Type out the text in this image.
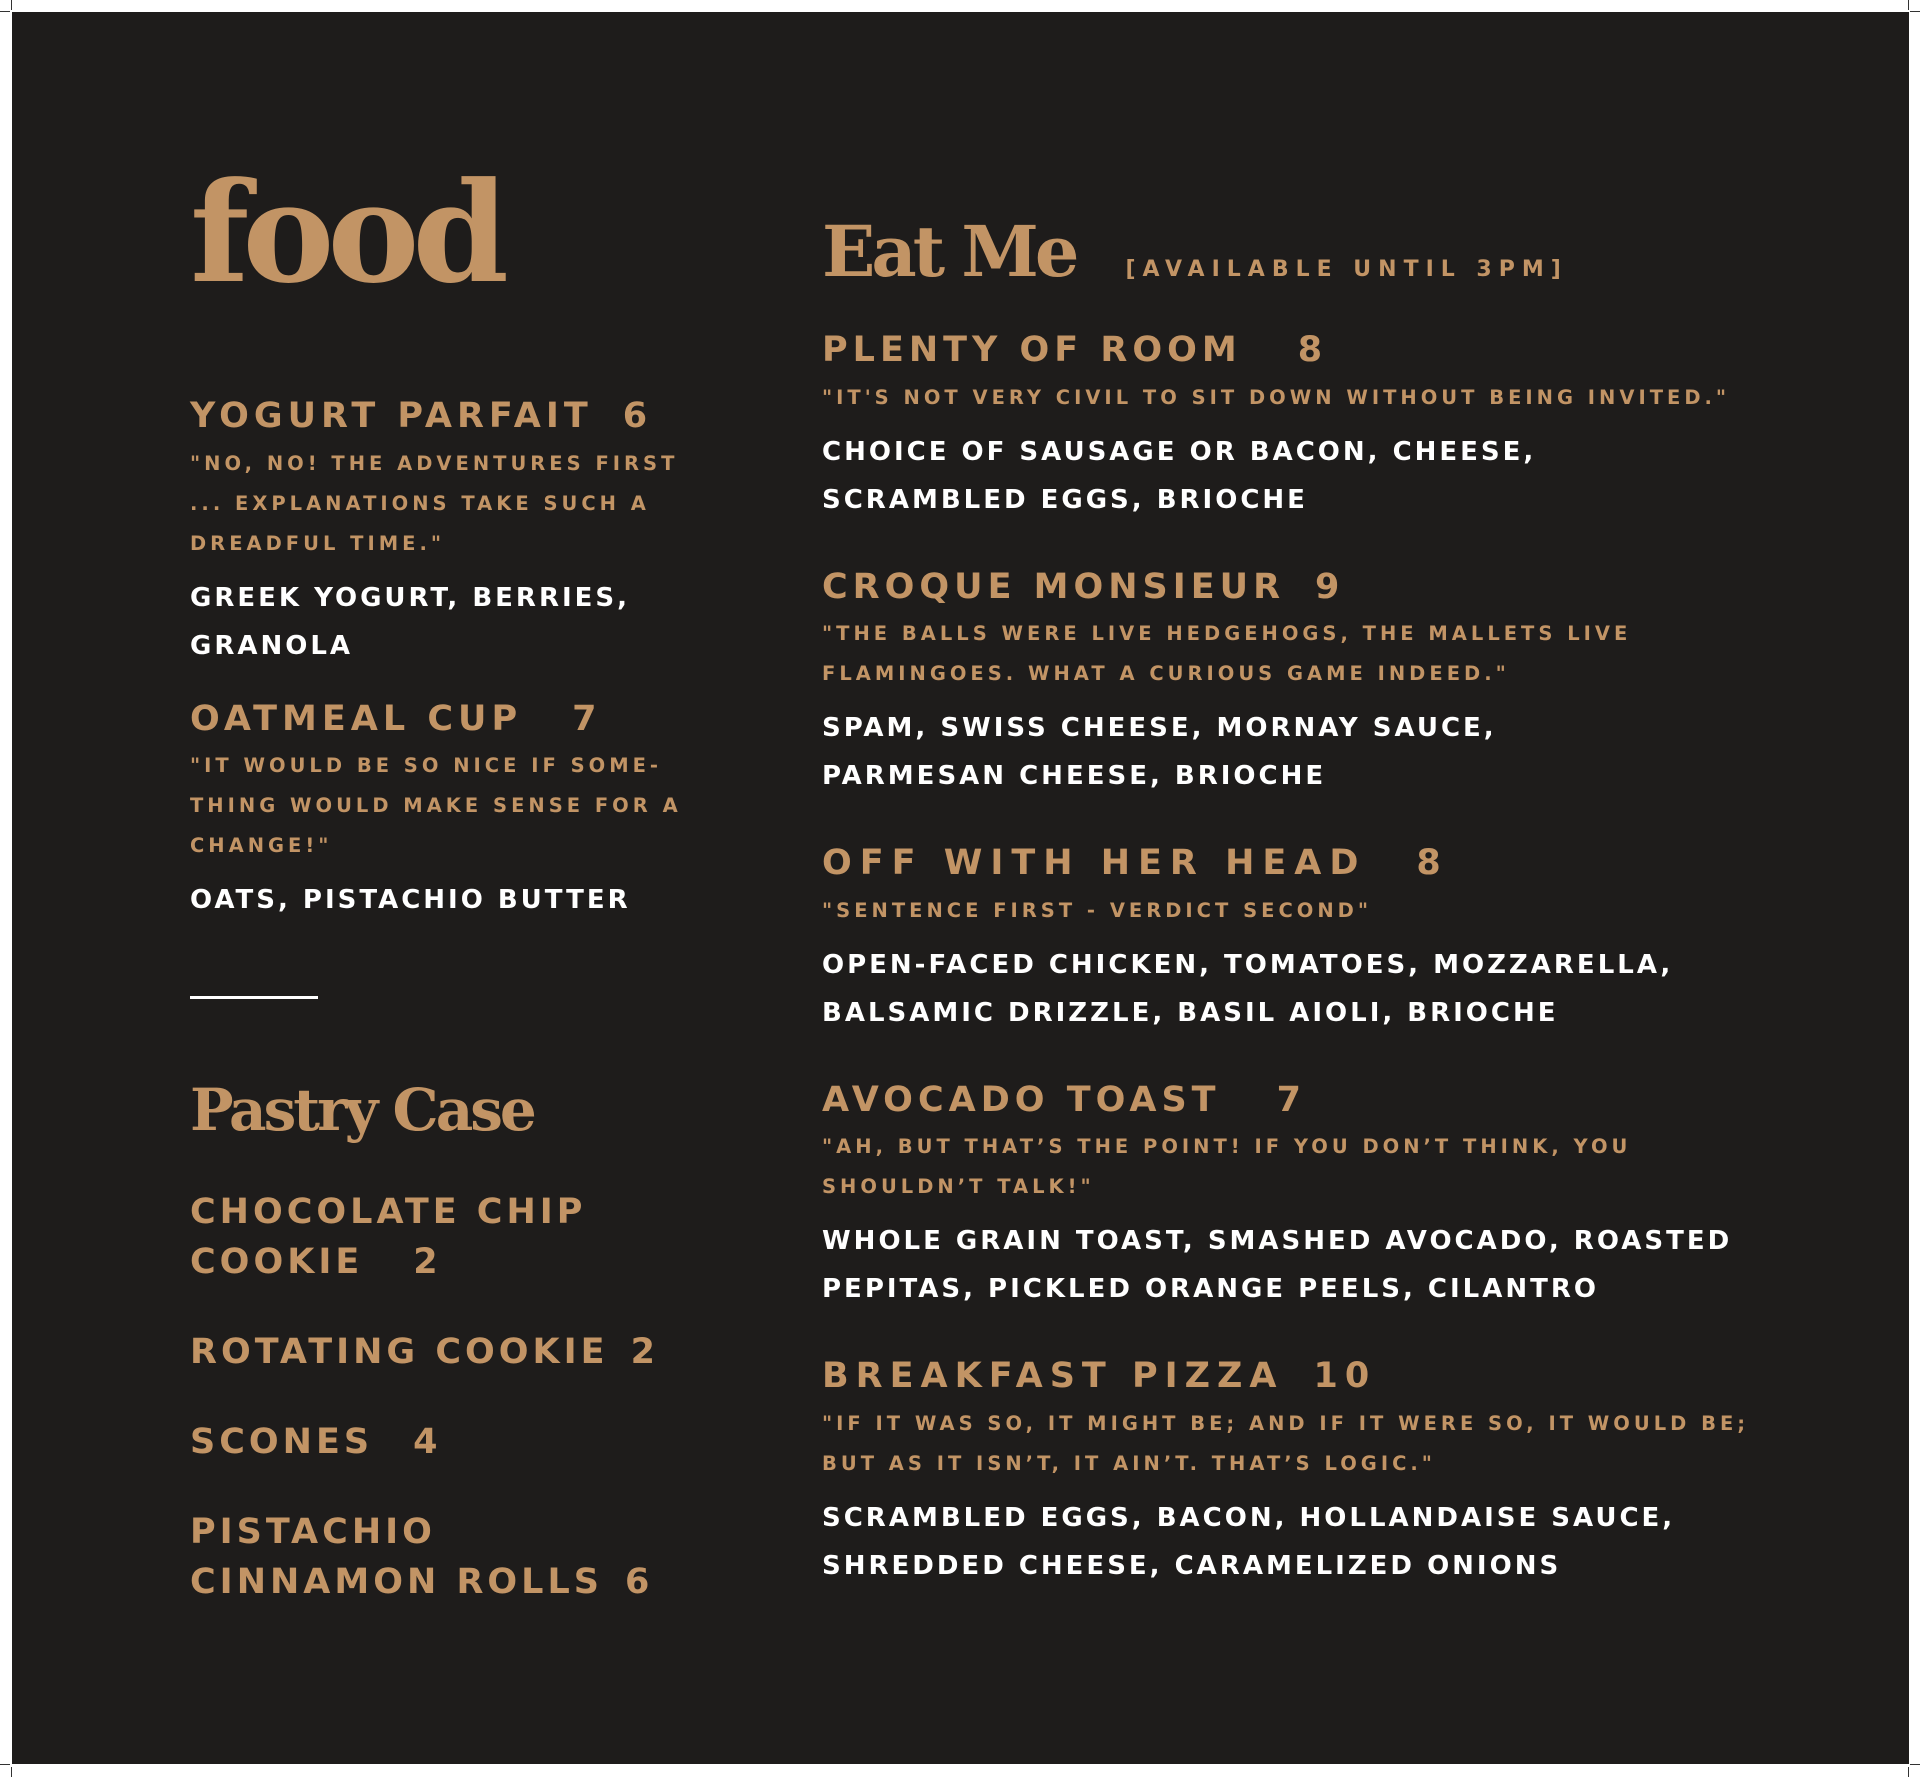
food

YOGURT PARFAIT 6

"NO, NO! THE ADVENTURES FIRST ... EXPLANATIONS TAKE SUCH A DREADFUL TIME."

GREEK YOGURT, BERRIES, GRANOLA

OATMEAL CUP 7

"IT WOULD BE SO NICE IF SOME-THING WOULD MAKE SENSE FOR A CHANGE!"

OATS, PISTACHIO BUTTER

Pastry Case

CHOCOLATE CHIP COOKIE 2

ROTATING COOKIE 2

SCONES 4

PISTACHIO CINNAMON ROLLS 6

Eat Me [AVAILABLE UNTIL 3PM]

PLENTY OF ROOM 8

"IT'S NOT VERY CIVIL TO SIT DOWN WITHOUT BEING INVITED."

CHOICE OF SAUSAGE OR BACON, CHEESE, SCRAMBLED EGGS, BRIOCHE

CROQUE MONSIEUR 9

"THE BALLS WERE LIVE HEDGEHOGS, THE MALLETS LIVE FLAMINGOES. WHAT A CURIOUS GAME INDEED."

SPAM, SWISS CHEESE, MORNAY SAUCE, PARMESAN CHEESE, BRIOCHE

OFF WITH HER HEAD 8

"SENTENCE FIRST - VERDICT SECOND"

OPEN-FACED CHICKEN, TOMATOES, MOZZARELLA, BALSAMIC DRIZZLE, BASIL AIOLI, BRIOCHE

AVOCADO TOAST 7

"AH, BUT THAT’S THE POINT! IF YOU DON’T THINK, YOU SHOULDN’T TALK!"

WHOLE GRAIN TOAST, SMASHED AVOCADO, ROASTED PEPITAS, PICKLED ORANGE PEELS, CILANTRO

BREAKFAST PIZZA 10

"IF IT WAS SO, IT MIGHT BE; AND IF IT WERE SO, IT WOULD BE; BUT AS IT ISN’T, IT AIN’T. THAT’S LOGIC."

SCRAMBLED EGGS, BACON, HOLLANDAISE SAUCE, SHREDDED CHEESE, CARAMELIZED ONIONS
